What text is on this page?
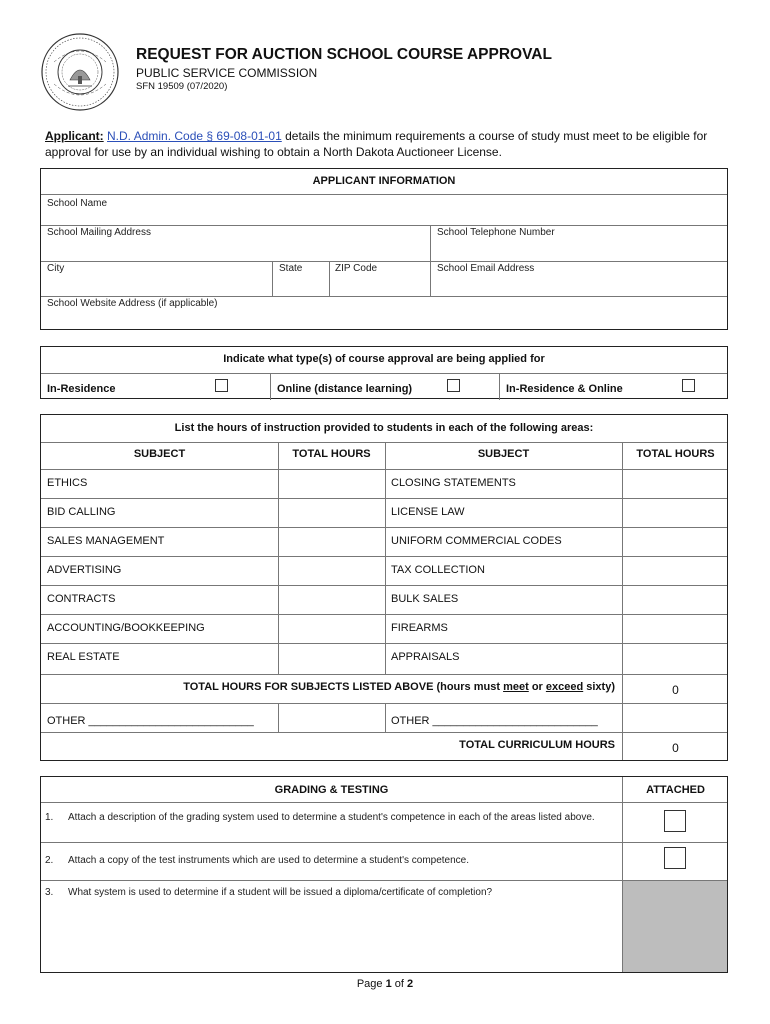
REQUEST FOR AUCTION SCHOOL COURSE APPROVAL
PUBLIC SERVICE COMMISSION
SFN 19509 (07/2020)
Applicant: N.D. Admin. Code § 69-08-01-01 details the minimum requirements a course of study must meet to be eligible for approval for use by an individual wishing to obtain a North Dakota Auctioneer License.
APPLICANT INFORMATION
School Name
School Mailing Address	School Telephone Number
City	State	ZIP Code	School Email Address
School Website Address (if applicable)
Indicate what type(s) of course approval are being applied for
In-Residence	Online (distance learning)	In-Residence & Online
List the hours of instruction provided to students in each of the following areas:
SUBJECT	TOTAL HOURS	SUBJECT	TOTAL HOURS
ETHICS	CLOSING STATEMENTS
BID CALLING	LICENSE LAW
SALES MANAGEMENT	UNIFORM COMMERCIAL CODES
ADVERTISING	TAX COLLECTION
CONTRACTS	BULK SALES
ACCOUNTING/BOOKKEEPING	FIREARMS
REAL ESTATE	APPRAISALS
TOTAL HOURS FOR SUBJECTS LISTED ABOVE (hours must meet or exceed sixty)	0
OTHER ___________________________	OTHER ___________________________
TOTAL CURRICULUM HOURS	0
GRADING & TESTING	ATTACHED
1. Attach a description of the grading system used to determine a student's competence in each of the areas listed above.
2. Attach a copy of the test instruments which are used to determine a student's competence.
3. What system is used to determine if a student will be issued a diploma/certificate of completion?
Page 1 of 2
